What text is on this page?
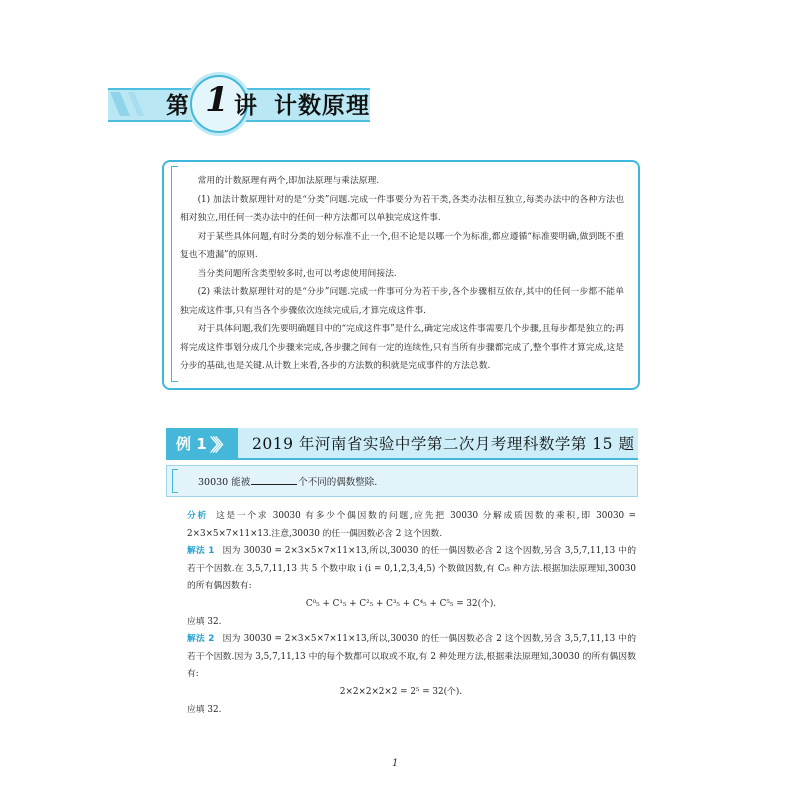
第 1 讲 计数原理

常用的计数原理有两个,即加法原理与乘法原理.

(1) 加法计数原理针对的是“分类”问题.完成一件事要分为若干类,各类办法相互独立,每类办法中的各种方法也相对独立,用任何一类办法中的任何一种方法都可以单独完成这件事.

对于某些具体问题,有时分类的划分标准不止一个,但不论是以哪一个为标准,都应遵循“标准要明确,做到既不重复也不遗漏”的原则.

当分类问题所含类型较多时,也可以考虑使用间接法.

(2) 乘法计数原理针对的是“分步”问题.完成一件事可分为若干步,各个步骤相互依存,其中的任何一步都不能单独完成这件事,只有当各个步骤依次连续完成后,才算完成这件事.

对于具体问题,我们先要明确题目中的“完成这件事”是什么,确定完成这件事需要几个步骤,且每步都是独立的;再将完成这件事划分成几个步骤来完成,各步骤之间有一定的连续性,只有当所有步骤都完成了,整个事件才算完成,这是分步的基础,也是关键.从计数上来看,各步的方法数的积就是完成事件的方法总数.

例 1 〉〉〉 2019 年河南省实验中学第二次月考理科数学第 15 题
30030 能被	个不同的偶数整除.

分析 这是一个求 30030 有多少个偶因数的问题,应先把 30030 分解成质因数的乘积,即 30030 = 2×3×5×7×11×13.注意,30030 的任一偶因数必含 2 这个因数.

解法 1 因为 30030 = 2×3×5×7×11×13,所以,30030 的任一偶因数必含 2 这个因数,另含 3,5,7,11,13 中的若干个因数.在 3,5,7,11,13 共 5 个数中取 i (i = 0,1,2,3,4,5) 个数做因数,有 Cᵢ₅ 种方法.根据加法原理知,30030 的所有偶因数有:

C⁰₅ + C¹₅ + C²₅ + C³₅ + C⁴₅ + C⁵₅ = 32(个).

应填 32.

解法 2 因为 30030 = 2×3×5×7×11×13,所以,30030 的任一偶因数必含 2 这个因数,另含 3,5,7,11,13 中的若干个因数.因为 3,5,7,11,13 中的每个数都可以取或不取,有 2 种处理方法,根据乘法原理知,30030 的所有偶因数有:

2×2×2×2×2 = 2⁵ = 32(个).

应填 32.

1
